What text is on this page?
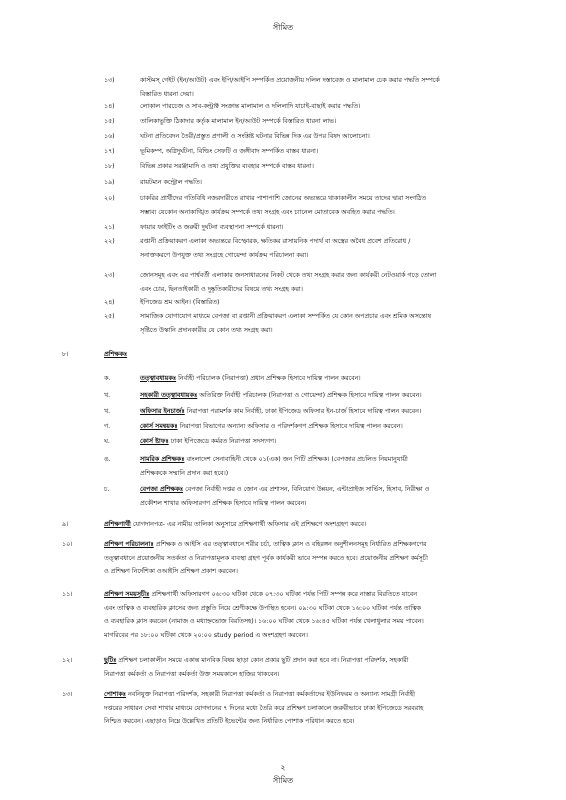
সীমিত
১৩)	কাস্টমস্ গেইট (ইন/আউট) এবং ইপি/আইপি সম্পর্কিত প্রয়োজনীয় দলিল দস্তাবেজ ও মালামাল চেক করার পদ্ধতি সম্পর্কে
বিস্তারিত ধারনা দেয়া।
১৪)	লোকাল পারচেজ ও সাব-কন্ট্রাক্ট সংক্রান্ত মালামাল ও দলিলাদি যাচাই-বাছাই করার পদ্ধতি।
১৫)	তালিকাভুক্তি ঠিকাদার কর্তৃক মালামাল ইন/আউট সম্পর্কে বিস্তারিত ধারনা লাভ।
১৬)	ঘটনা প্রতিবেদন তৈরী/প্রস্তুত প্রণালী ও সংশ্লিষ্ট ঘটনার বিভিন্ন দিক এর উপর বিষদ আলোচনা।
১৭)	ভূমিকম্প, অগ্নিদুর্ঘটনা, বিল্ডিং সেফটি ও জঙ্গীবাদ সম্পর্কিত বাস্তব ধারনা।
১৮)	বিভিন্ন প্রকার সরঞ্জামাদি ও তথ্য প্রযুক্তির ব্যবহার সম্পর্কে বাস্তব ধারনা।
১৯)	রায়টম্যন কন্ট্রোল পদ্ধতি।
২০)	চাকরির প্রার্থীদের গতিবিধি নজরদারীতে রাখার পাশাপাশি জোনের অভ্যন্তরে থাকাকালীন সময়ে তাদের দ্বারা সংগঠিত
সম্ভাব্য যেকোন অনাকাঙ্খিত কার্যক্রম সম্পর্কে তথ্য সংগ্রহ এবং চ্যানেল মোতাবেক অবহিত করার পদ্ধতি।
২১)	ফায়ার ফাইটিং ও জরুরী দুর্ঘটনা ব্যবস্থাপনা সম্পর্কে ধারনা।
২২)	রপ্তানী প্রক্রিয়াকরণ এলাকা অভ্যন্তরে বিস্ফোরক, ক্ষতিকর রাসায়নিক পদার্থ বা অস্ত্রের অবৈধ প্রবেশ প্রতিরোধ /
সনাক্তকরণে উপযুক্ত তথ্য সংগ্রহে গোয়েন্দা কার্যক্রম পরিচালনা করা।
২৩)	জোনসমূহ এবং এর পার্শ্ববর্তী এলাকার জনসাধারনের নিকট থেকে তথ্য সংগ্রহ করার জন্য কার্যকরী নেটওয়ার্ক গড়ে তোলা
এবং চোর, ছিনতাইকারী ও দুষ্কৃতিকারীদের বিষয়ে তথ্য সংগ্রহ করা।
২৪)	ইপিজেড শ্রম আইন। (বিস্তারিত)
২৫)	সামাজিক যোগাযোগ মাধ্যমে বেপজা বা রপ্তানী প্রক্রিয়াকরণ এলাকা সম্পর্কিত যে কোন অপপ্রচার এবং শ্রমিক অসন্তোষ
সৃষ্টিতে উস্কানি প্রদানকারীর যে কোন তথ্য সংগ্রহ করা।
৮।	প্রশিক্ষকঃ
ক.	তত্ত্বাবধায়কঃ নির্বাহী পরিচালক (নিরাপত্তা) প্রধান প্রশিক্ষক হিসাবে দায়িত্ব পালন করবেন।
খ.	সহকারী তত্ত্বাবধায়কঃ অতিরিক্ত নির্বাহী পরিচালক (নিরাপত্তা ও গোয়েন্দা) প্রশিক্ষক হিসাবে দায়িত্ব পালন করবেন।
খ.	অফিসার ইনচার্জঃ নিরাপত্তা পরামর্শক কাম নির্বাহী, ঢাকা ইপিজেড অফিসার ইন-চার্জ হিসাবে দায়িত্ব পালন করবেন।
গ.	কোর্স সমন্বয়কঃ নিরাপত্তা বিভাগের অন্যান্য অফিসার ও পরিদর্শকগণ প্রশিক্ষক হিসাবে দায়িত্ব পালন করবেন।
ঘ.	কোর্স ষ্টাফঃ ঢাকা ইপিজেডে কর্মরত নিরাপত্তা সদস্যগণ।
ঙ.	সামরিক প্রশিক্ষকঃ বাংলাদেশ সেনাবাহিনী থেকে ০১(এক) জন পিটি প্রশিক্ষক। (বেপজার প্রচলিত নিয়মানুযায়ী
প্রশিক্ষককে সম্মানি প্রদান করা হবে।)
চ.	বেপজা প্রশিক্ষকঃ বেপজা নির্বাহী দপ্তর ও জোন এর প্রশাসন, বিনিয়োগ উন্নয়ন, এন্টাপ্রাইজ সার্ভিস, হিসাব, নিরীক্ষা ও
প্রকৌশল শাখার অফিসারগণ প্রশিক্ষক হিসাবে দায়িত্ব পালন করবেন।
৯।	প্রশিক্ষণার্থী যোগদানপত্র- এর নামীয় তালিকা অনুসারে প্রশিক্ষণার্থী অফিসার এই প্রশিক্ষণে অংশগ্রহণ করবে।
১০।	প্রশিক্ষণ পরিচালনাঃ প্রশিক্ষক ও আইসি এর তত্ত্বাবধানে শরীর চর্চা, তাত্বিক ক্লাস ও বহিরঙ্গন অনুশীলনসমূহ নির্ধারিত প্রশিক্ষকগণের
তত্ত্বাবধানে প্রয়োজনীয় সতর্কতা ও নিরাপত্তামূলক ব্যবস্থা গ্রহণ পূর্বক কার্যকরী ভাবে সম্পন্ন করতে হবে। প্রয়োজনীয় প্রশিক্ষণ কর্মসূচী
ও প্রশিক্ষণ নির্দেশিকা ওআইসি প্রশিক্ষণ প্রকাশ করবেন।
১১।	প্রশিক্ষণ সময়সূচীঃ প্রশিক্ষণার্থী অফিসারগণ ০৬:৩০ ঘটিকা থেকে ০৭:৩০ ঘটিকা পর্যন্ত পিটি সম্পন্ন করে নাস্তার বিরতিতে যাবেন
এবং তাত্বিক ও ব্যবহারিক ক্লাসের জন্য প্রস্তুতি নিয়ে শ্রেণীকক্ষে উপস্থিত হবেন। ০৯:৩০ ঘটিকা থেকে ১৬:০০ ঘটিকা পর্যন্ত তাত্বিক
ও ব্যবহারিক ক্লাস করবেন (নামাজ ও মধ্যাহ্নভোজ বিরতিসহ)। ১৬:০০ ঘটিকা থেকে ১৬:৪৫ ঘটিকা পর্যন্ত খেলাধুলার সময় পাবেন।
মাগরিবের পর ১৮:০০ ঘটিকা থেকে ২০:০০ study period এ অংশগ্রহণ করবেন।
১২।	ছুটিঃ প্রশিক্ষণ চলাকালীন সময়ে একান্ত মানবিক বিষয় ছাড়া কোন প্রকার ছুটি প্রদান করা হবে না। নিরাপত্তা পরিদর্শক, সহকারী
নিরাপত্তা কর্মকর্তা ও নিরাপত্তা কর্মকর্তা উক্ত সময়কালে হাজির থাকবেন।
১৩।	পোশাকঃ নবনিযুক্ত নিরাপত্তা পরিদর্শক, সহকারী নিরাপত্তা কর্মকর্তা ও নিরাপত্তা কর্মকর্তাদের ইউনিফরম ও অন্যান্য সামগ্রী নির্বাহী
দপ্তরের সাধারন সেবা শাখার মাধ্যমে যোগদানের ৭ দিনের মধ্যে তৈরি করে প্রশিক্ষণ চলাকালে জরুরীভাবে ঢাকা ইপিজেডে সরবরাহ
নিশ্চিত করবেন। এছাড়াও নিম্নে উল্লেখিত প্রতিটি ইভেন্টের জন্য নির্ধারিত পোশাক পরিধান করতে হবে।
২
সীমিত
